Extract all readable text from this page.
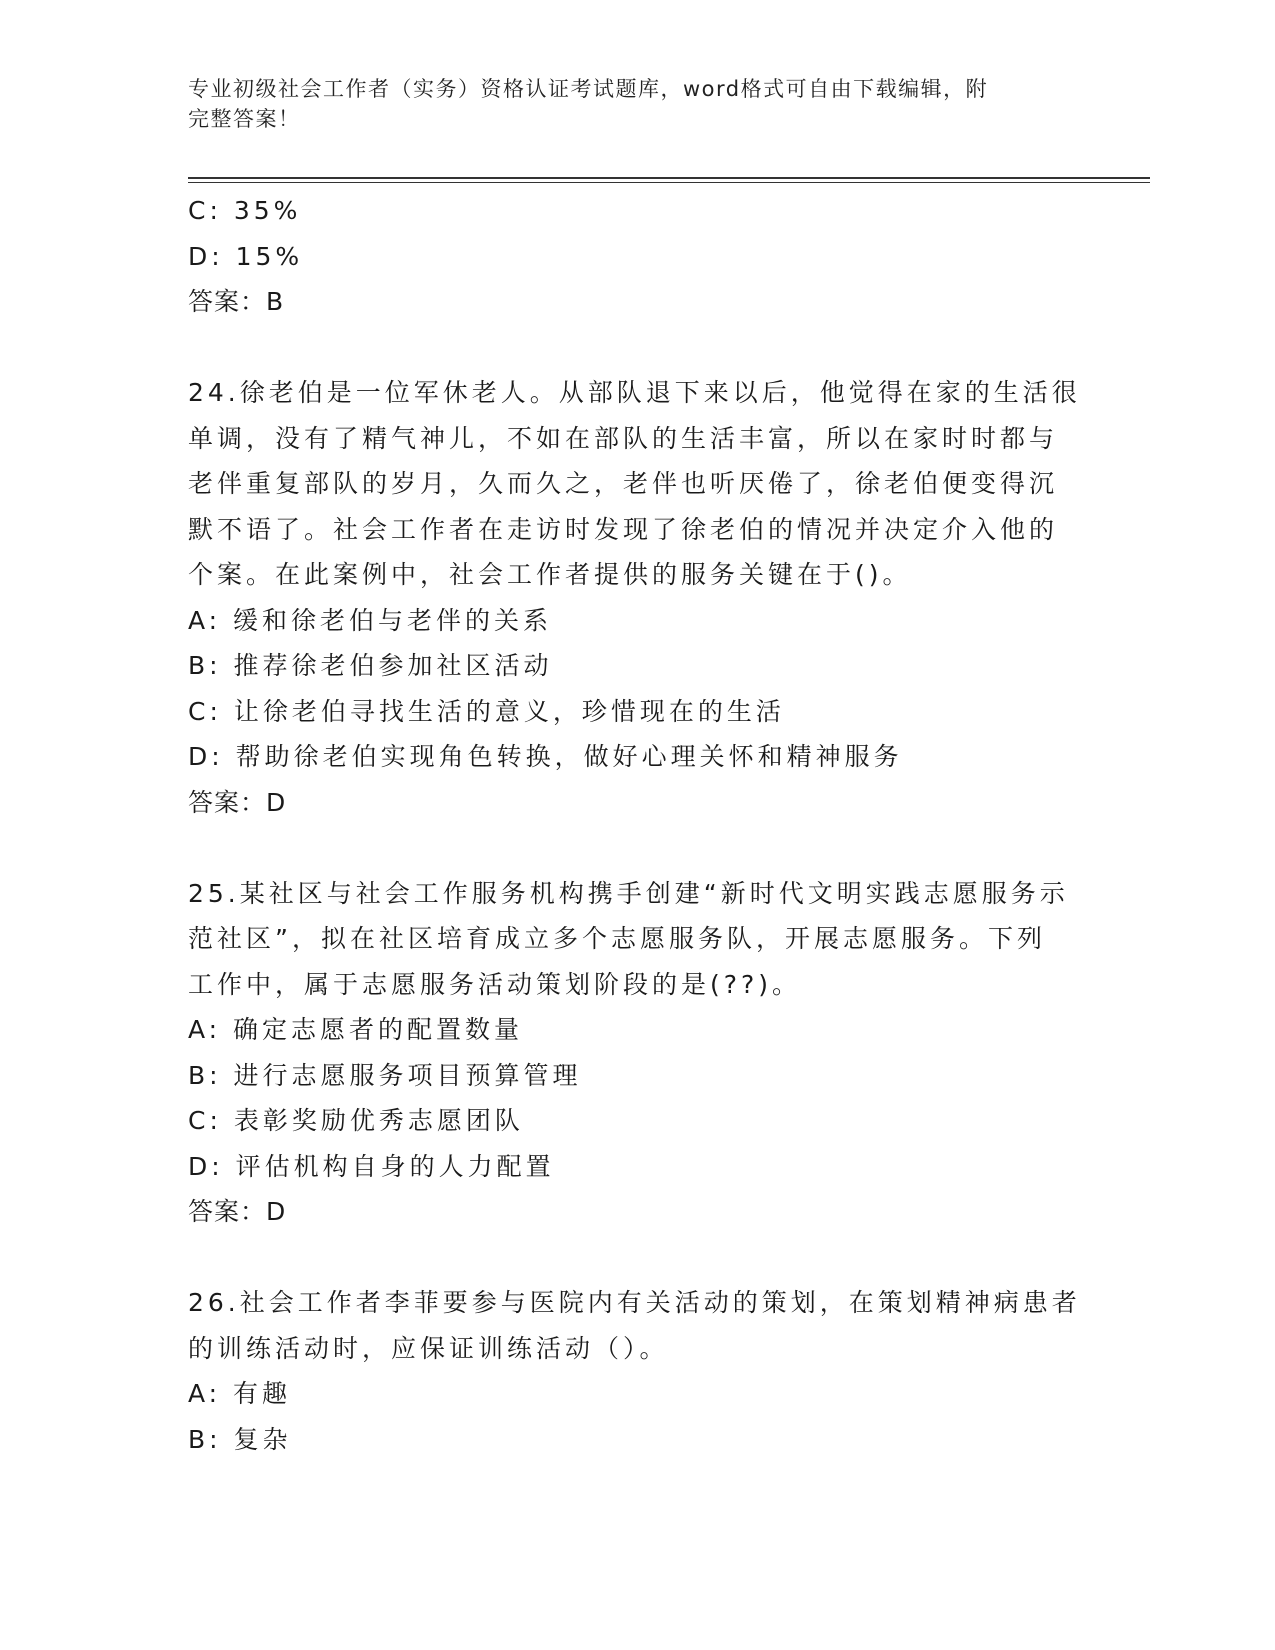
专业初级社会工作者（实务）资格认证考试题库，word格式可自由下载编辑，附
完整答案！
C: 35%
D: 15%
答案：B
24.徐老伯是一位军休老人。从部队退下来以后，他觉得在家的生活很
单调，没有了精气神儿，不如在部队的生活丰富，所以在家时时都与
老伴重复部队的岁月，久而久之，老伴也听厌倦了，徐老伯便变得沉
默不语了。社会工作者在走访时发现了徐老伯的情况并决定介入他的
个案。在此案例中，社会工作者提供的服务关键在于()。
A: 缓和徐老伯与老伴的关系
B: 推荐徐老伯参加社区活动
C: 让徐老伯寻找生活的意义，珍惜现在的生活
D: 帮助徐老伯实现角色转换，做好心理关怀和精神服务
答案：D
25.某社区与社会工作服务机构携手创建“新时代文明实践志愿服务示
范社区”，拟在社区培育成立多个志愿服务队，开展志愿服务。下列
工作中，属于志愿服务活动策划阶段的是(??)。
A: 确定志愿者的配置数量
B: 进行志愿服务项目预算管理
C: 表彰奖励优秀志愿团队
D: 评估机构自身的人力配置
答案：D
26.社会工作者李菲要参与医院内有关活动的策划，在策划精神病患者
的训练活动时，应保证训练活动（）。
A: 有趣
B: 复杂
